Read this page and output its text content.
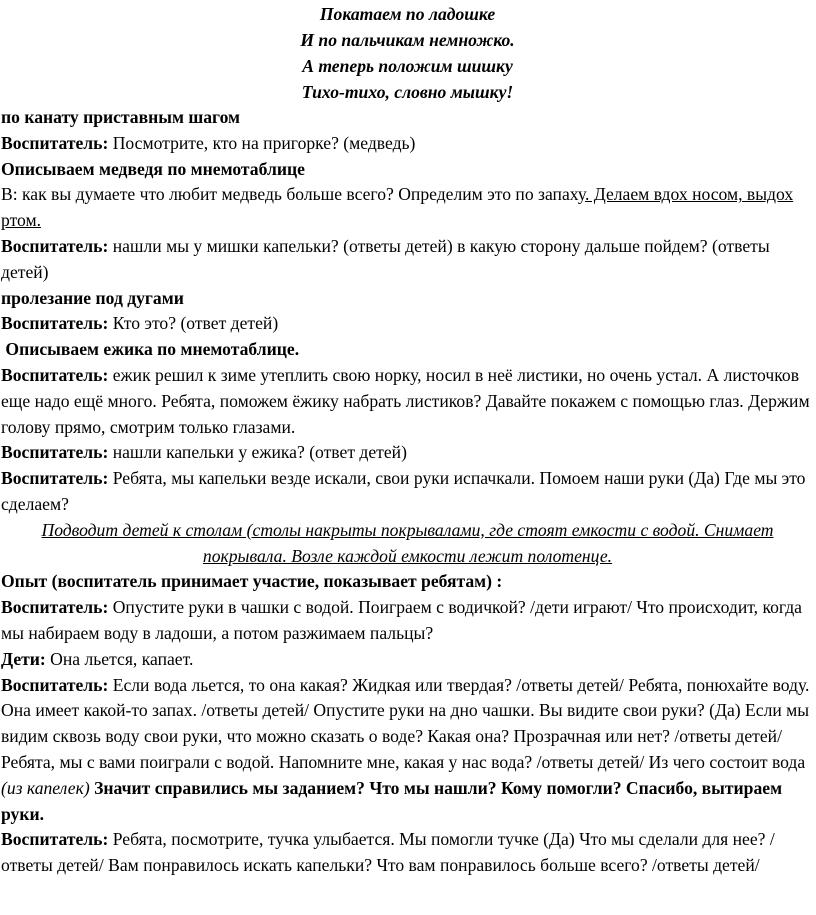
Покатаем по ладошке
И по пальчикам немножко.
А теперь положим шишку
Тихо-тихо, словно мышку!

по канату приставным шагом

Воспитатель: Посмотрите, кто на пригорке? (медведь)

Описываем медведя по мнемотаблице

В: как вы думаете что любит медведь больше всего? Определим это по запаху. Делаем вдох носом, выдох ртом.

Воспитатель: нашли мы у мишки капельки? (ответы детей) в какую сторону дальше пойдем? (ответы детей)

пролезание под дугами

Воспитатель: Кто это? (ответ детей)

Описываем ежика по мнемотаблице.

Воспитатель: ежик решил к зиме утеплить свою норку, носил в неё листики, но очень устал. А листочков еще надо ещё много. Ребята, поможем ёжику набрать листиков? Давайте покажем с помощью глаз. Держим голову прямо, смотрим только глазами.

Воспитатель: нашли капельки у ежика? (ответ детей)

Воспитатель: Ребята, мы капельки везде искали, свои руки испачкали. Помоем наши руки (Да) Где мы это сделаем?

Подводит детей к столам (столы накрыты покрывалами, где стоят емкости с водой. Снимает покрывала. Возле каждой емкости лежит полотенце.

Опыт (воспитатель принимает участие, показывает ребятам) :

Воспитатель: Опустите руки в чашки с водой. Поиграем с водичкой? /дети играют/ Что происходит, когда мы набираем воду в ладоши, а потом разжимаем пальцы?

Дети: Она льется, капает.

Воспитатель: Если вода льется, то она какая? Жидкая или твердая? /ответы детей/ Ребята, понюхайте воду. Она имеет какой-то запах. /ответы детей/ Опустите руки на дно чашки. Вы видите свои руки? (Да) Если мы видим сквозь воду свои руки, что можно сказать о воде? Какая она? Прозрачная или нет? /ответы детей/ Ребята, мы с вами поиграли с водой. Напомните мне, какая у нас вода? /ответы детей/ Из чего состоит вода (из капелек) Значит справились мы заданием? Что мы нашли? Кому помогли? Спасибо, вытираем руки.

Воспитатель: Ребята, посмотрите, тучка улыбается. Мы помогли тучке (Да) Что мы сделали для нее? /ответы детей/ Вам понравилось искать капельки? Что вам понравилось больше всего? /ответы детей/
